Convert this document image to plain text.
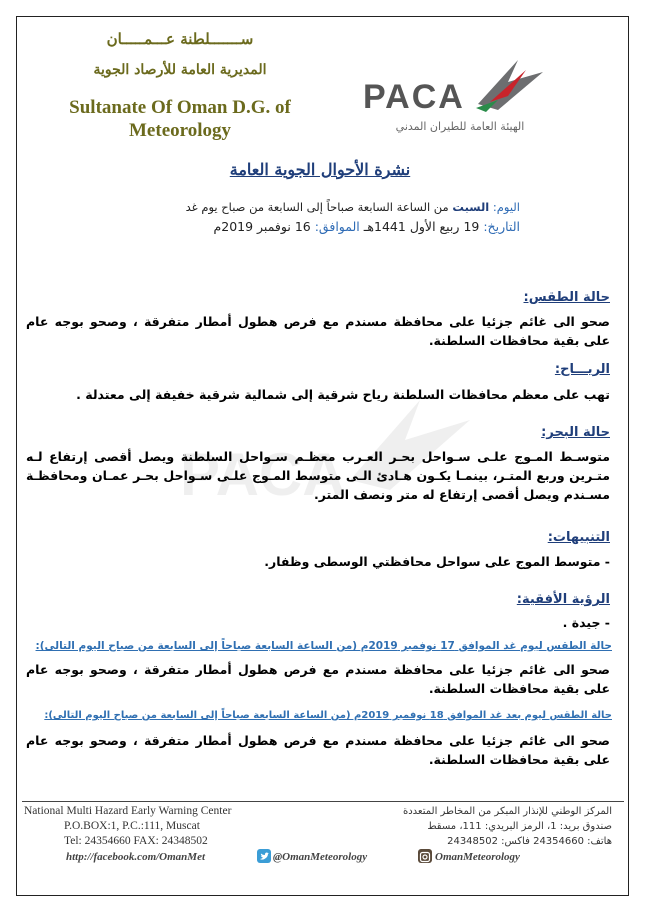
ســـــــلطنة عـــمـــــان
المديرية العامة للأرصاد الجوية
Sultanate Of Oman D.G. of
Meteorology
PACA
الهيئة العامة للطيران المدني
PACA
نشرة الأحوال الجوية العامة
اليوم: السبت من الساعة السابعة صباحاً إلى السابعة من صباح يوم غد
التاريخ: 19 ربيع الأول 1441هـ الموافق: 16 نوفمبر 2019م
حالة الطقس:
صحو الى غائم جزئيا على محافظة مسندم مع فرص هطول أمطار متفرقة ، وصحو بوجه عام على بقية محافظات السلطنة.
الريـــاح:
تهب على معظم محافظات السلطنة رياح شرقية إلى شمالية شرقية خفيفة إلى معتدلة .
حالة البحر:
متوسـط المـوج علـى سـواحل بحـر العـرب معظـم سـواحل السلطنة ويصل أقصى إرتفاع لـه متـرين وربع المتـر، بينمـا يكـون هـادئ الـى متوسط المـوج علـى سـواحل بحـر عمـان ومحافظـة مسـندم ويصل أقصى إرتفاع له متر ونصف المتر.
التنبيهات:
- متوسط الموج على سواحل محافظتي الوسطى وظفار.
الرؤية الأفقية:
- جيدة .
حالة الطقس ليوم غد الموافق 17 نوفمبر 2019م (من الساعة السابعة صباحاً إلى السابعة من صباح اليوم التالى):
صحو الى غائم جزئيا على محافظة مسندم مع فرص هطول أمطار متفرقة ، وصحو بوجه عام على بقية محافظات السلطنة.
حالة الطقس ليوم بعد غد الموافق 18 نوفمبر 2019م (من الساعة السابعة صباحاً إلى السابعة من صباح اليوم التالى):
صحو الى غائم جزئيا على محافظة مسندم مع فرص هطول أمطار متفرقة ، وصحو بوجه عام على بقية محافظات السلطنة.
National Multi Hazard Early Warning Center
P.O.BOX:1, P.C.:111, Muscat
Tel: 24354660 FAX: 24348502
المركز الوطني للإنذار المبكر من المخاطر المتعددة
صندوق بريد: 1، الرمز البريدي: 111، مسقط
هاتف: 24354660 فاكس: 24348502
http://facebook.com/OmanMet	@OmanMeteorology	OmanMeteorology
